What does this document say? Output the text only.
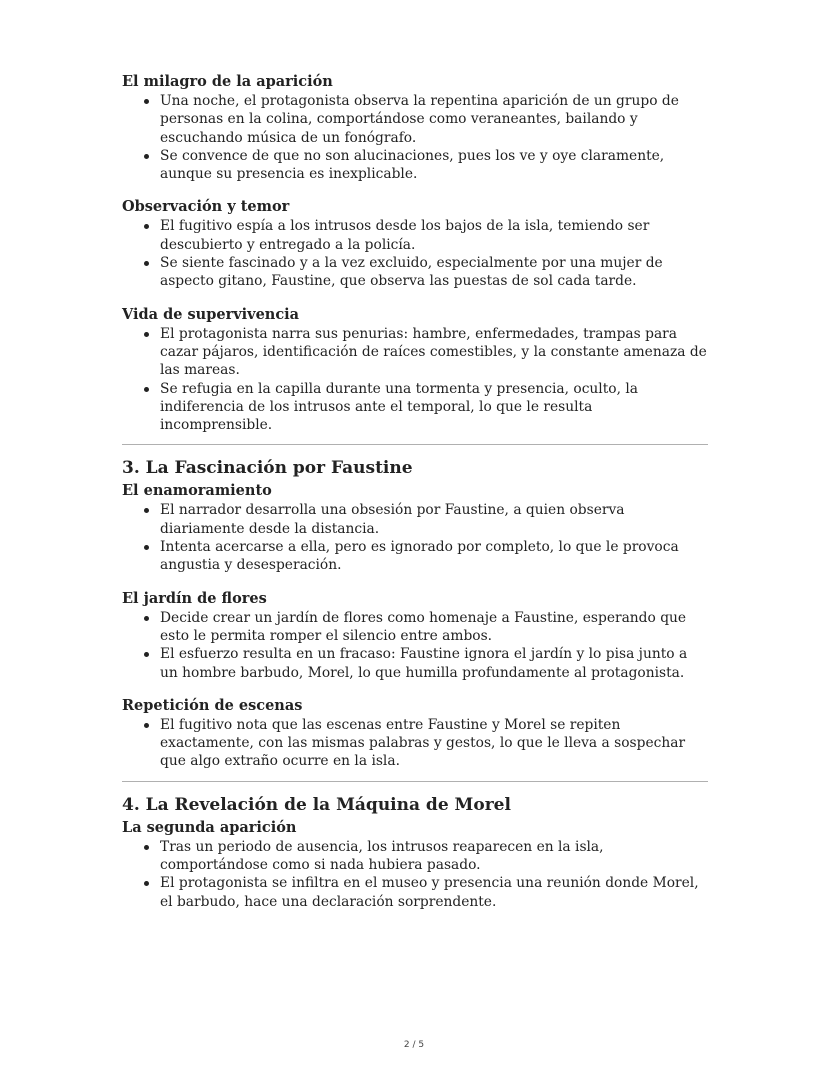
El milagro de la aparición

Una noche, el protagonista observa la repentina aparición de un grupo de personas en la colina, comportándose como veraneantes, bailando y escuchando música de un fonógrafo.
Se convence de que no son alucinaciones, pues los ve y oye claramente, aunque su presencia es inexplicable.

Observación y temor

El fugitivo espía a los intrusos desde los bajos de la isla, temiendo ser descubierto y entregado a la policía.
Se siente fascinado y a la vez excluido, especialmente por una mujer de aspecto gitano, Faustine, que observa las puestas de sol cada tarde.

Vida de supervivencia

El protagonista narra sus penurias: hambre, enfermedades, trampas para cazar pájaros, identificación de raíces comestibles, y la constante amenaza de las mareas.
Se refugia en la capilla durante una tormenta y presencia, oculto, la indiferencia de los intrusos ante el temporal, lo que le resulta incomprensible.
3. La Fascinación por Faustine

El enamoramiento

El narrador desarrolla una obsesión por Faustine, a quien observa diariamente desde la distancia.
Intenta acercarse a ella, pero es ignorado por completo, lo que le provoca angustia y desesperación.

El jardín de flores

Decide crear un jardín de flores como homenaje a Faustine, esperando que esto le permita romper el silencio entre ambos.
El esfuerzo resulta en un fracaso: Faustine ignora el jardín y lo pisa junto a un hombre barbudo, Morel, lo que humilla profundamente al protagonista.

Repetición de escenas

El fugitivo nota que las escenas entre Faustine y Morel se repiten exactamente, con las mismas palabras y gestos, lo que le lleva a sospechar que algo extraño ocurre en la isla.
4. La Revelación de la Máquina de Morel

La segunda aparición

Tras un periodo de ausencia, los intrusos reaparecen en la isla, comportándose como si nada hubiera pasado.
El protagonista se infiltra en el museo y presencia una reunión donde Morel, el barbudo, hace una declaración sorprendente.
2 / 5
